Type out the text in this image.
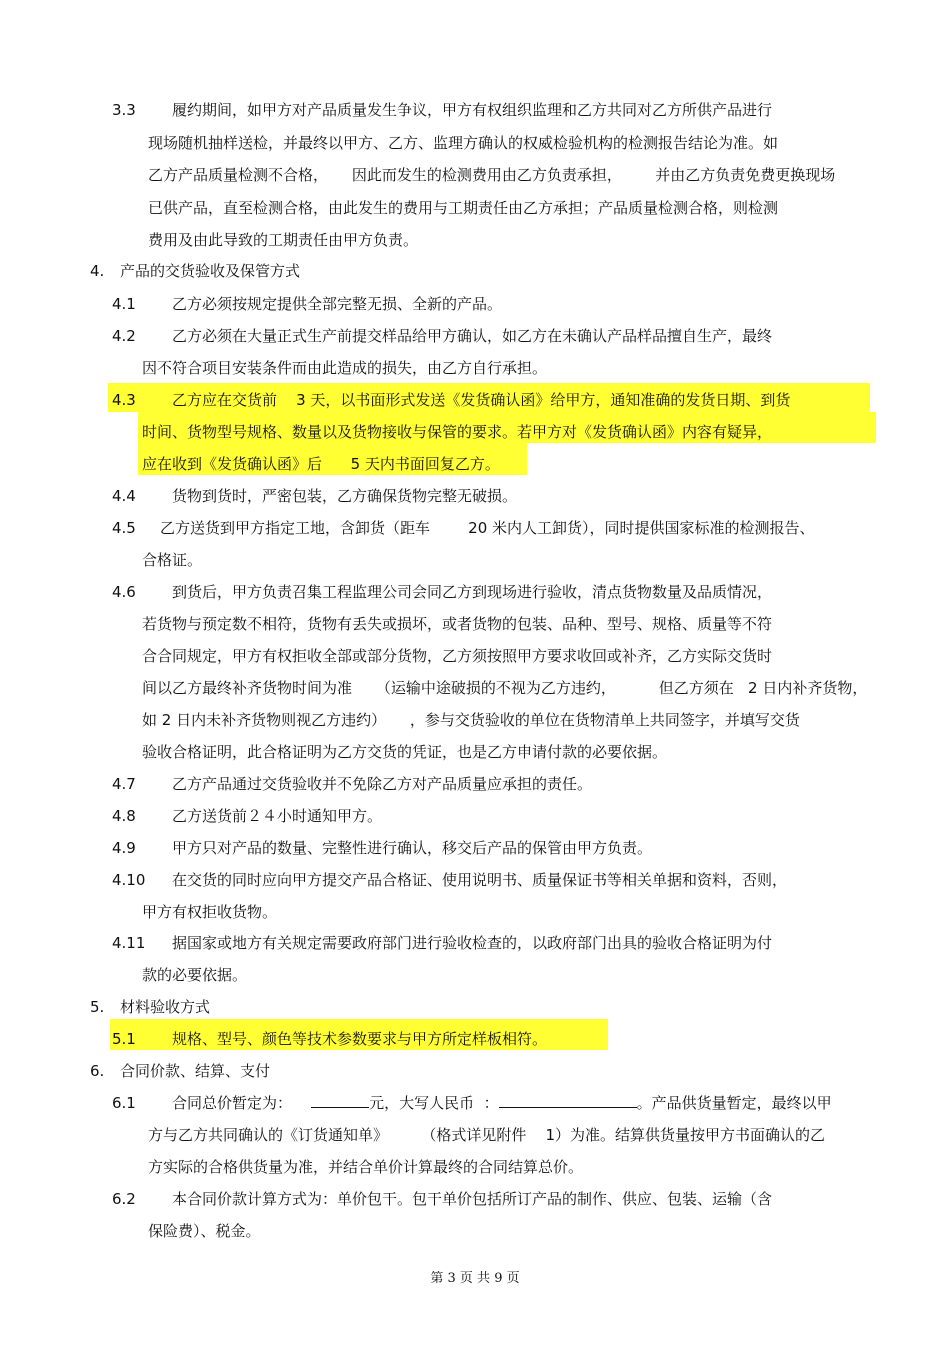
3.3 履约期间，如甲方对产品质量发生争议，甲方有权组织监理和乙方共同对乙方所供产品进行
现场随机抽样送检，并最终以甲方、乙方、监理方确认的权威检验机构的检测报告结论为准。如
乙方产品质量检测不合格，     因此而发生的检测费用由乙方负责承担，       并由乙方负责免费更换现场
已供产品，直至检测合格，由此发生的费用与工期责任由乙方承担；产品质量检测合格，则检测
费用及由此导致的工期责任由甲方负责。
4. 产品的交货验收及保管方式
4.1 乙方必须按规定提供全部完整无损、全新的产品。
4.2 乙方必须在大量正式生产前提交样品给甲方确认，如乙方在未确认产品样品擅自生产，最终
因不符合项目安装条件而由此造成的损失，由乙方自行承担。
4.3 乙方应在交货前    3 天，以书面形式发送《发货确认函》给甲方，通知准确的发货日期、到货
时间、货物型号规格、数量以及货物接收与保管的要求。若甲方对《发货确认函》内容有疑异，
应在收到《发货确认函》后      5 天内书面回复乙方。
4.4 货物到货时，严密包装，乙方确保货物完整无破损。
4.5 乙方送货到甲方指定工地，含卸货（距车        20 米内人工卸货），同时提供国家标准的检测报告、
合格证。
4.6 到货后，甲方负责召集工程监理公司会同乙方到现场进行验收，清点货物数量及品质情况，
若货物与预定数不相符，货物有丢失或损坏，或者货物的包装、品种、型号、规格、质量等不符
合合同规定，甲方有权拒收全部或部分货物，乙方须按照甲方要求收回或补齐，乙方实际交货时
间以乙方最终补齐货物时间为准     （运输中途破损的不视为乙方违约，         但乙方须在   2 日内补齐货物，
如 2 日内未补齐货物则视乙方违约）     ，参与交货验收的单位在货物清单上共同签字，并填写交货
验收合格证明，此合格证明为乙方交货的凭证，也是乙方申请付款的必要依据。
4.7 乙方产品通过交货验收并不免除乙方对产品质量应承担的责任。
4.8 乙方送货前２４小时通知甲方。
4.9 甲方只对产品的数量、完整性进行确认，移交后产品的保管由甲方负责。
4.10 在交货的同时应向甲方提交产品合格证、使用说明书、质量保证书等相关单据和资料，否则，
甲方有权拒收货物。
4.11 据国家或地方有关规定需要政府部门进行验收检查的，以政府部门出具的验收合格证明为付
款的必要依据。
5. 材料验收方式
5.1 规格、型号、颜色等技术参数要求与甲方所定样板相符。
6. 合同价款、结算、支付
6.1 合同总价暂定为：	元，大写人民币  ：	。产品供货量暂定，最终以甲
方与乙方共同确认的《订货通知单》       （格式详见附件    1）为准。结算供货量按甲方书面确认的乙
方实际的合格供货量为准，并结合单价计算最终的合同结算总价。
6.2 本合同价款计算方式为：单价包干。包干单价包括所订产品的制作、供应、包装、运输（含
保险费）、税金。
第 3 页 共 9 页
